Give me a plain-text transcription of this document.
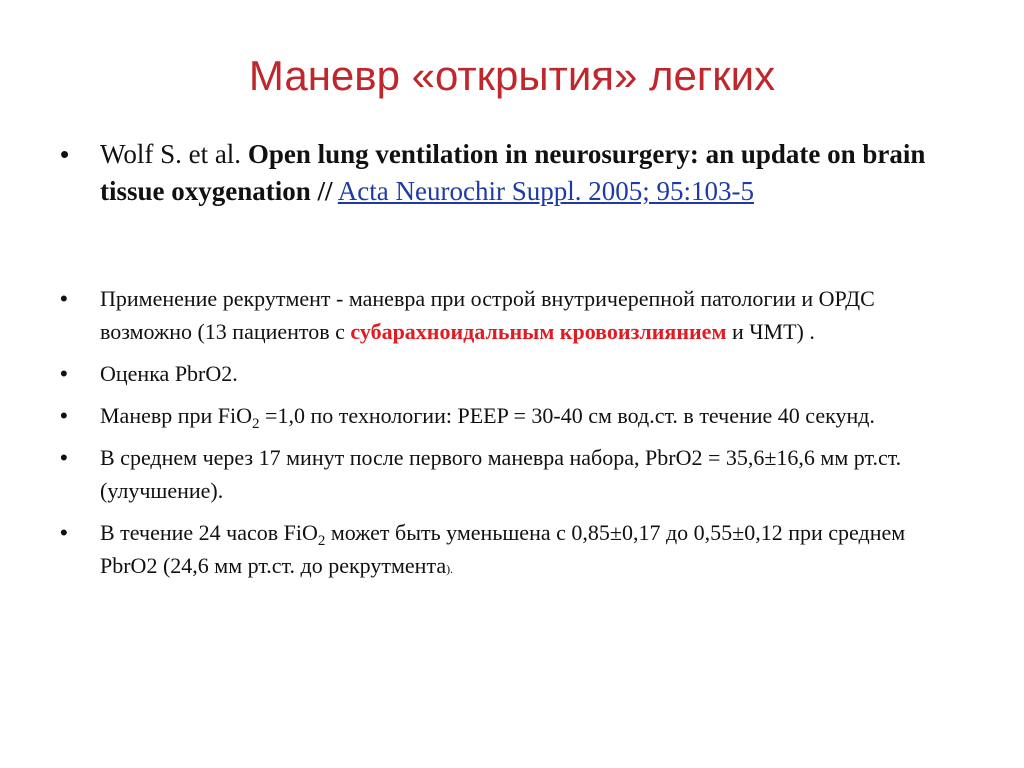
Маневр «открытия» легких
• Wolf S. et al. Open lung ventilation in neurosurgery: an update on brain tissue oxygenation // Acta Neurochir Suppl. 2005; 95:103-5
• Применение рекрутмент - маневра при острой внутричерепной патологии и ОРДС возможно (13 пациентов с субарахноидальным кровоизлиянием и ЧМТ) .
• Оценка PbrO2.
• Маневр при FiO$_2$ =1,0 по технологии: PEEP = 30-40 см вод.ст. в течение 40 секунд.
• В среднем через 17 минут после первого маневра набора, PbrO2 = 35,6±16,6 мм рт.ст. (улучшение).
• В течение 24 часов FiO$_2$ может быть уменьшена с 0,85±0,17 до 0,55±0,12 при среднем PbrO2 (24,6 мм рт.ст. до рекрутмента).
